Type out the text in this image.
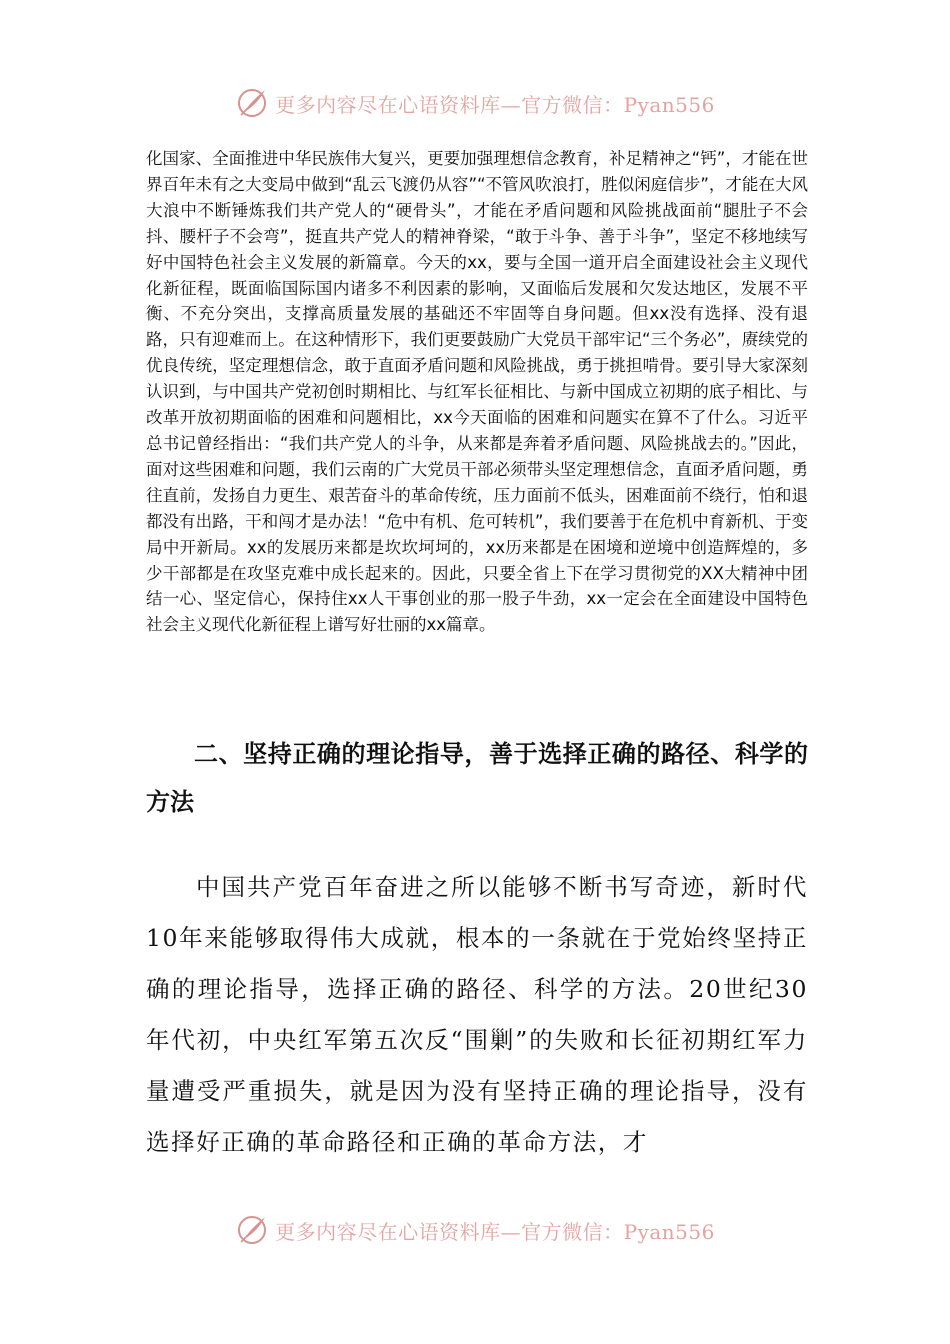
更多内容尽在心语资料库—官方微信：Pyan556

化国家、全面推进中华民族伟大复兴，更要加强理想信念教育，补足精神之“钙”，才能在世界百年未有之大变局中做到“乱云飞渡仍从容”“不管风吹浪打，胜似闲庭信步”，才能在大风大浪中不断锤炼我们共产党人的“硬骨头”，才能在矛盾问题和风险挑战面前“腿肚子不会抖、腰杆子不会弯”，挺直共产党人的精神脊梁，“敢于斗争、善于斗争”，坚定不移地续写好中国特色社会主义发展的新篇章。今天的xx，要与全国一道开启全面建设社会主义现代化新征程，既面临国际国内诸多不利因素的影响，又面临后发展和欠发达地区，发展不平衡、不充分突出，支撑高质量发展的基础还不牢固等自身问题。但xx没有选择、没有退路，只有迎难而上。在这种情形下，我们更要鼓励广大党员干部牢记“三个务必”，赓续党的优良传统，坚定理想信念，敢于直面矛盾问题和风险挑战，勇于挑担啃骨。要引导大家深刻认识到，与中国共产党初创时期相比、与红军长征相比、与新中国成立初期的底子相比、与改革开放初期面临的困难和问题相比，xx今天面临的困难和问题实在算不了什么。习近平总书记曾经指出：“我们共产党人的斗争，从来都是奔着矛盾问题、风险挑战去的。”因此，面对这些困难和问题，我们云南的广大党员干部必须带头坚定理想信念，直面矛盾问题，勇往直前，发扬自力更生、艰苦奋斗的革命传统，压力面前不低头，困难面前不绕行，怕和退都没有出路，干和闯才是办法！“危中有机、危可转机”，我们要善于在危机中育新机、于变局中开新局。xx的发展历来都是坎坎坷坷的，xx历来都是在困境和逆境中创造辉煌的，多少干部都是在攻坚克难中成长起来的。因此，只要全省上下在学习贯彻党的XX大精神中团结一心、坚定信心，保持住xx人干事创业的那一股子牛劲，xx一定会在全面建设中国特色社会主义现代化新征程上谱写好壮丽的xx篇章。

二、坚持正确的理论指导，善于选择正确的路径、科学的方法

中国共产党百年奋进之所以能够不断书写奇迹，新时代10年来能够取得伟大成就，根本的一条就在于党始终坚持正确的理论指导，选择正确的路径、科学的方法。20世纪30年代初，中央红军第五次反“围剿”的失败和长征初期红军力量遭受严重损失，就是因为没有坚持正确的理论指导，没有选择好正确的革命路径和正确的革命方法，才

更多内容尽在心语资料库—官方微信：Pyan556
